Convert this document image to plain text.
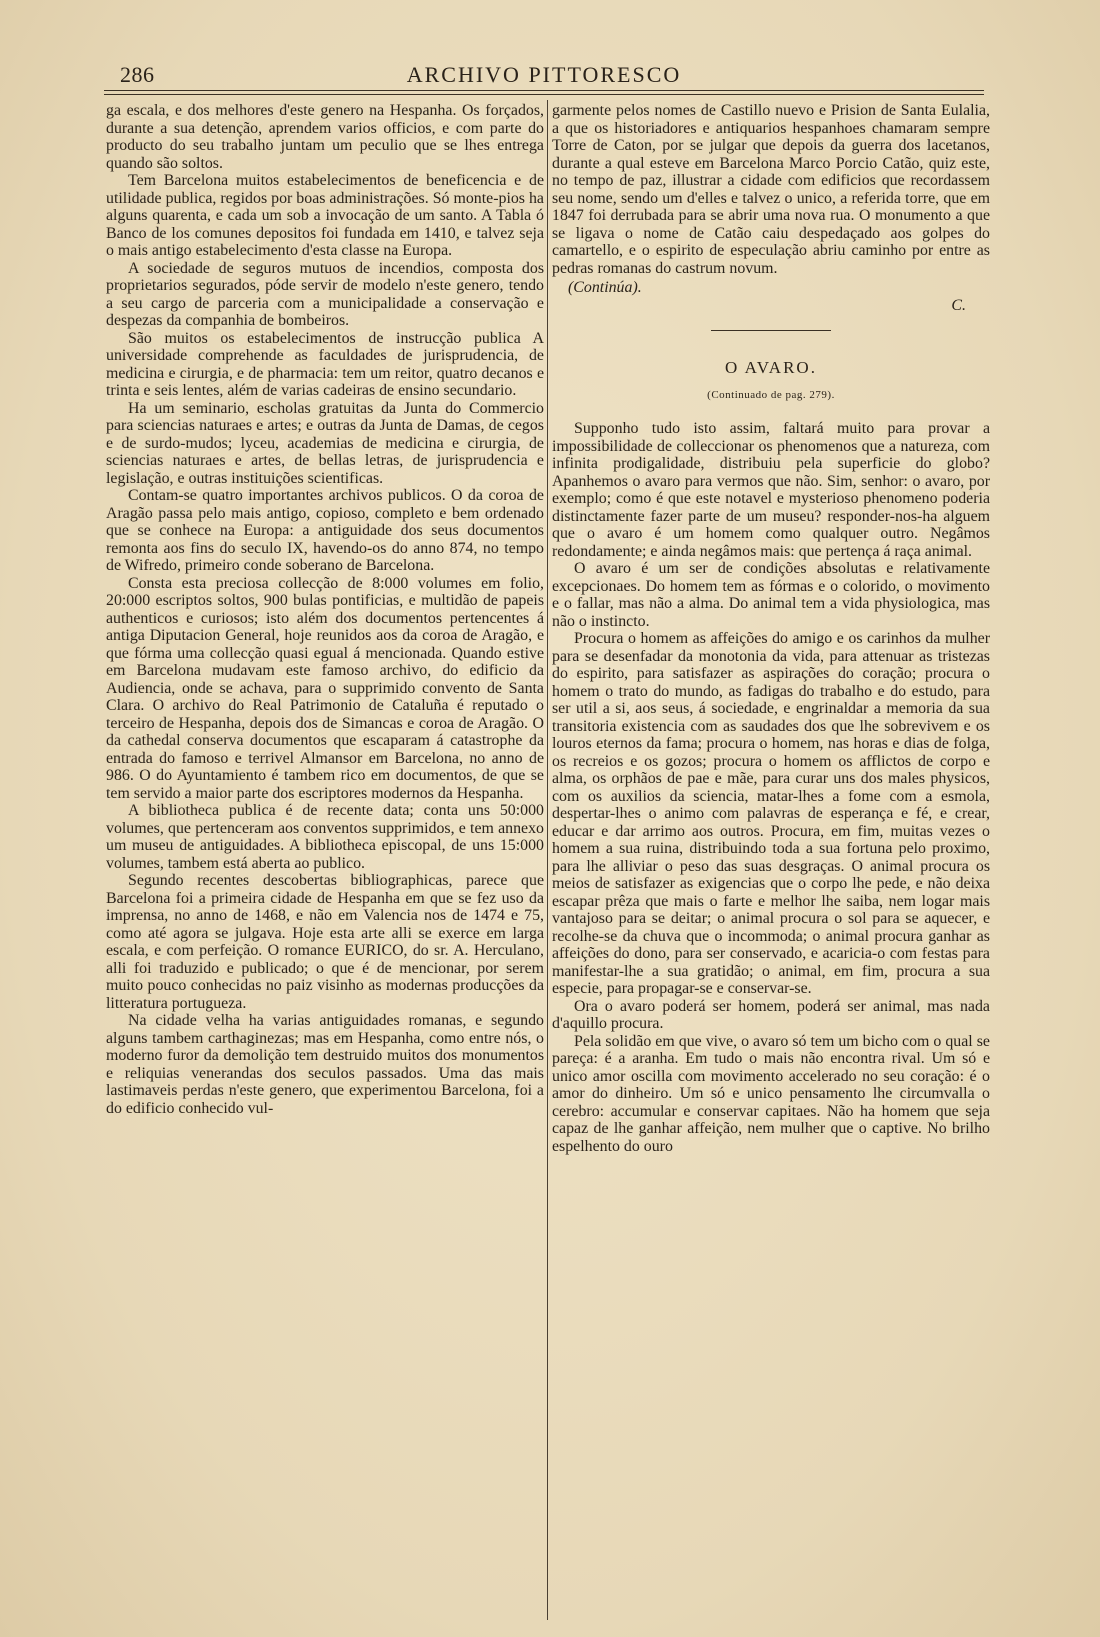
286	ARCHIVO PITTORESCO

ga escala, e dos melhores d'este genero na Hespanha. Os forçados, durante a sua detenção, aprendem varios officios, e com parte do producto do seu trabalho juntam um peculio que se lhes entrega quando são soltos.

Tem Barcelona muitos estabelecimentos de beneficencia e de utilidade publica, regidos por boas administrações. Só monte-pios ha alguns quarenta, e cada um sob a invocação de um santo. A Tabla ó Banco de los comunes depositos foi fundada em 1410, e talvez seja o mais antigo estabelecimento d'esta classe na Europa.

A sociedade de seguros mutuos de incendios, composta dos proprietarios segurados, póde servir de modelo n'este genero, tendo a seu cargo de parceria com a municipalidade a conservação e despezas da companhia de bombeiros.

São muitos os estabelecimentos de instrucção publica A universidade comprehende as faculdades de jurisprudencia, de medicina e cirurgia, e de pharmacia: tem um reitor, quatro decanos e trinta e seis lentes, além de varias cadeiras de ensino secundario.

Ha um seminario, escholas gratuitas da Junta do Commercio para sciencias naturaes e artes; e outras da Junta de Damas, de cegos e de surdo-mudos; lyceu, academias de medicina e cirurgia, de sciencias naturaes e artes, de bellas letras, de jurisprudencia e legislação, e outras instituições scientificas.

Contam-se quatro importantes archivos publicos. O da coroa de Aragão passa pelo mais antigo, copioso, completo e bem ordenado que se conhece na Europa: a antiguidade dos seus documentos remonta aos fins do seculo IX, havendo-os do anno 874, no tempo de Wifredo, primeiro conde soberano de Barcelona.

Consta esta preciosa collecção de 8:000 volumes em folio, 20:000 escriptos soltos, 900 bulas pontificias, e multidão de papeis authenticos e curiosos; isto além dos documentos pertencentes á antiga Diputacion General, hoje reunidos aos da coroa de Aragão, e que fórma uma collecção quasi egual á mencionada. Quando estive em Barcelona mudavam este famoso archivo, do edificio da Audiencia, onde se achava, para o supprimido convento de Santa Clara. O archivo do Real Patrimonio de Cataluña é reputado o terceiro de Hespanha, depois dos de Simancas e coroa de Aragão. O da cathedal conserva documentos que escaparam á catastrophe da entrada do famoso e terrivel Almansor em Barcelona, no anno de 986. O do Ayuntamiento é tambem rico em documentos, de que se tem servido a maior parte dos escriptores modernos da Hespanha.

A bibliotheca publica é de recente data; conta uns 50:000 volumes, que pertenceram aos conventos supprimidos, e tem annexo um museu de antiguidades. A bibliotheca episcopal, de uns 15:000 volumes, tambem está aberta ao publico.

Segundo recentes descobertas bibliographicas, parece que Barcelona foi a primeira cidade de Hespanha em que se fez uso da imprensa, no anno de 1468, e não em Valencia nos de 1474 e 75, como até agora se julgava. Hoje esta arte alli se exerce em larga escala, e com perfeição. O romance EURICO, do sr. A. Herculano, alli foi traduzido e publicado; o que é de mencionar, por serem muito pouco conhecidas no paiz visinho as modernas producções da litteratura portugueza.

Na cidade velha ha varias antiguidades romanas, e segundo alguns tambem carthaginezas; mas em Hespanha, como entre nós, o moderno furor da demolição tem destruido muitos dos monumentos e reliquias venerandas dos seculos passados. Uma das mais lastimaveis perdas n'este genero, que experimentou Barcelona, foi a do edificio conhecido vul-

garmente pelos nomes de Castillo nuevo e Prision de Santa Eulalia, a que os historiadores e antiquarios hespanhoes chamaram sempre Torre de Caton, por se julgar que depois da guerra dos lacetanos, durante a qual esteve em Barcelona Marco Porcio Catão, quiz este, no tempo de paz, illustrar a cidade com edificios que recordassem seu nome, sendo um d'elles e talvez o unico, a referida torre, que em 1847 foi derrubada para se abrir uma nova rua. O monumento a que se ligava o nome de Catão caiu despedaçado aos golpes do camartello, e o espirito de especulação abriu caminho por entre as pedras romanas do castrum novum.

(Continúa).
C.
O AVARO.
(Continuado de pag. 279).

Supponho tudo isto assim, faltará muito para provar a impossibilidade de colleccionar os phenomenos que a natureza, com infinita prodigalidade, distribuiu pela superficie do globo? Apanhemos o avaro para vermos que não. Sim, senhor: o avaro, por exemplo; como é que este notavel e mysterioso phenomeno poderia distinctamente fazer parte de um museu? responder-nos-ha alguem que o avaro é um homem como qualquer outro. Negâmos redondamente; e ainda negâmos mais: que pertença á raça animal.

O avaro é um ser de condições absolutas e relativamente excepcionaes. Do homem tem as fórmas e o colorido, o movimento e o fallar, mas não a alma. Do animal tem a vida physiologica, mas não o instincto.

Procura o homem as affeições do amigo e os carinhos da mulher para se desenfadar da monotonia da vida, para attenuar as tristezas do espirito, para satisfazer as aspirações do coração; procura o homem o trato do mundo, as fadigas do trabalho e do estudo, para ser util a si, aos seus, á sociedade, e engrinaldar a memoria da sua transitoria existencia com as saudades dos que lhe sobrevivem e os louros eternos da fama; procura o homem, nas horas e dias de folga, os recreios e os gozos; procura o homem os afflictos de corpo e alma, os orphãos de pae e mãe, para curar uns dos males physicos, com os auxilios da sciencia, matar-lhes a fome com a esmola, despertar-lhes o animo com palavras de esperança e fé, e crear, educar e dar arrimo aos outros. Procura, em fim, muitas vezes o homem a sua ruina, distribuindo toda a sua fortuna pelo proximo, para lhe alliviar o peso das suas desgraças. O animal procura os meios de satisfazer as exigencias que o corpo lhe pede, e não deixa escapar prêza que mais o farte e melhor lhe saiba, nem logar mais vantajoso para se deitar; o animal procura o sol para se aquecer, e recolhe-se da chuva que o incommoda; o animal procura ganhar as affeições do dono, para ser conservado, e acaricia-o com festas para manifestar-lhe a sua gratidão; o animal, em fim, procura a sua especie, para propagar-se e conservar-se.

Ora o avaro poderá ser homem, poderá ser animal, mas nada d'aquillo procura.

Pela solidão em que vive, o avaro só tem um bicho com o qual se pareça: é a aranha. Em tudo o mais não encontra rival. Um só e unico amor oscilla com movimento accelerado no seu coração: é o amor do dinheiro. Um só e unico pensamento lhe circumvalla o cerebro: accumular e conservar capitaes. Não ha homem que seja capaz de lhe ganhar affeição, nem mulher que o captive. No brilho espelhento do ouro
